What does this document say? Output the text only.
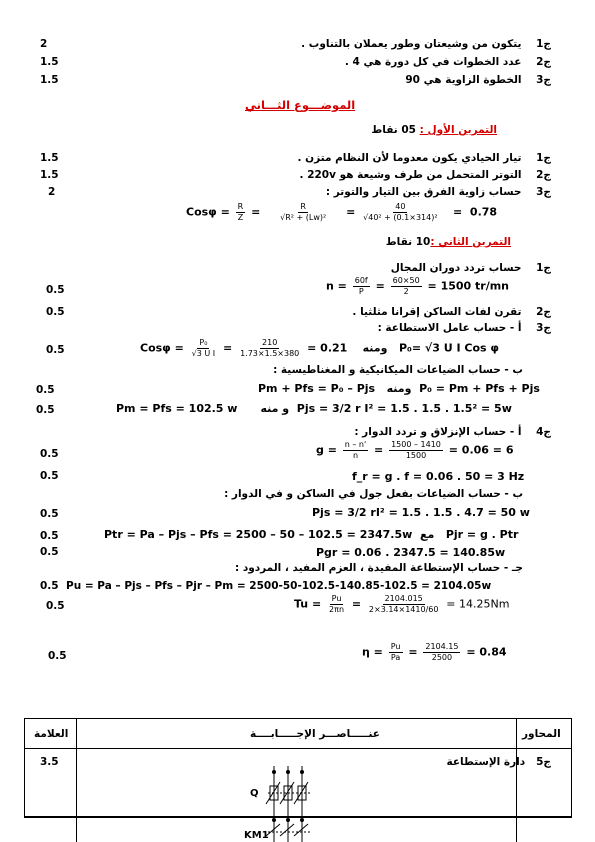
ج1    يتكون من وشيعتان وطور يعملان بالتناوب .
2
ج2    عدد الخطوات في كل دورة هي 4 .
1.5
ج3    الخطوة الزاوية هي 90
1.5
الموضـــوع الثـــاني
التمرين الأول : 05 نقاط
ج1    تيار الحيادي يكون معدوما لأن النظام متزن .
1.5
ج2    التوتر المتحمل من طرف وشيعة هو 220v .
1.5
ج3    حساب زاوية الفرق بين التيار والتوتر :
2
$Cos\varphi = \frac{R}{Z} = \frac{R}{\text{√R² + (Lw)²}} = \frac{40}{\text{√40² + (0.1×314)²}} = 0.78$
التمرين الثاني :10 نقاط
ج1    حساب تردد دوران المجال
$n = \frac{60f}{P} = \frac{60\times 50}{2} = 1500$ tr/mn
0.5
ج2    تقرن لفات الساكن إقرانا مثلثيا .
0.5
ج3    أ - حساب عامل الاستطاعة :
$Cos\varphi = \frac{\text{P₀}}{\text{√3 U I}} = \frac{210}{1.73\times 1.5\times 380} = 0.21$ ومنه P₀= √3 U I Cos φ
0.5
ب - حساب الضياعات الميكانيكية و المغناطيسية :
Pm + Pfs = P₀ – Pjs ومنه P₀ = Pm + Pfs + Pjs
0.5
Pm = Pfs = 102.5 w و منه Pjs = 3/2 r I² = 1.5 . 1.5 . 1.5² = 5w
0.5
ج4    أ - حساب الإنزلاق و تردد الدوار :
$g = \frac{n - n'}{n} = \frac{1500 - 1410}{1500} = 0.06 = 6$
0.5
f_r = g . f = 0.06 . 50 = 3 Hz
0.5
ب - حساب الضياعات بفعل جول في الساكن و في الدوار :
Pjs = 3/2 rI² = 1.5 . 1.5 . 4.7 = 50 w
0.5
Ptr = Pa – Pjs – Pfs = 2500 – 50 – 102.5 = 2347.5w مع Pjr = g . Ptr
0.5
Pgr = 0.06 . 2347.5 = 140.85w
0.5
جـ - حساب الإستطاعة المفيدة ، العزم المفيد ، المردود :
Pu = Pa – Pjs – Pfs – Pjr – Pm = 2500-50-102.5-140.85-102.5 = 2104.05w
0.5
$Tu = \frac{Pu}{2\pi n} = \frac{2104.015}{2\times 3.14\times 1410/60} = 14.25Nm$
0.5
$\eta = \frac{Pu}{Pa} = \frac{2104.15}{2500} = 0.84$
0.5
العلامة	عنـــــاصـــر الإجـــــابــــة	المحاور
3.5	ج5   دارة الإستطاعة
Q
KM1
